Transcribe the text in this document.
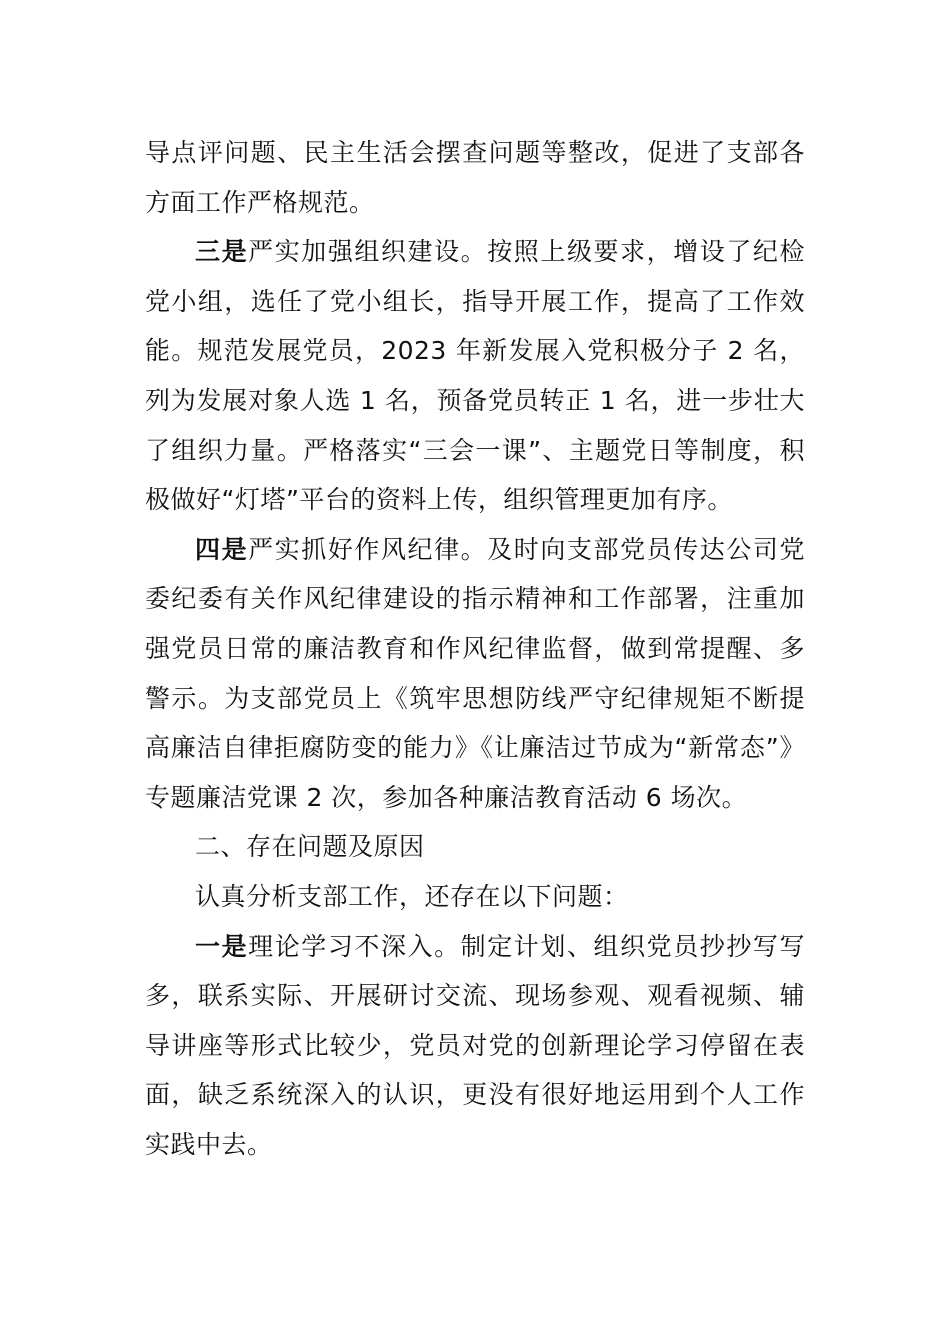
导点评问题、民主生活会摆查问题等整改，促进了支部各方面工作严格规范。

三是严实加强组织建设。按照上级要求，增设了纪检党小组，选任了党小组长，指导开展工作，提高了工作效能。规范发展党员，2023 年新发展入党积极分子 2 名，列为发展对象人选 1 名，预备党员转正 1 名，进一步壮大了组织力量。严格落实“三会一课”、主题党日等制度，积极做好“灯塔”平台的资料上传，组织管理更加有序。

四是严实抓好作风纪律。及时向支部党员传达公司党委纪委有关作风纪律建设的指示精神和工作部署，注重加强党员日常的廉洁教育和作风纪律监督，做到常提醒、多警示。为支部党员上《筑牢思想防线严守纪律规矩不断提高廉洁自律拒腐防变的能力》《让廉洁过节成为“新常态”》专题廉洁党课 2 次，参加各种廉洁教育活动 6 场次。

二、存在问题及原因

认真分析支部工作，还存在以下问题：

一是理论学习不深入。制定计划、组织党员抄抄写写多，联系实际、开展研讨交流、现场参观、观看视频、辅导讲座等形式比较少，党员对党的创新理论学习停留在表面，缺乏系统深入的认识，更没有很好地运用到个人工作实践中去。
